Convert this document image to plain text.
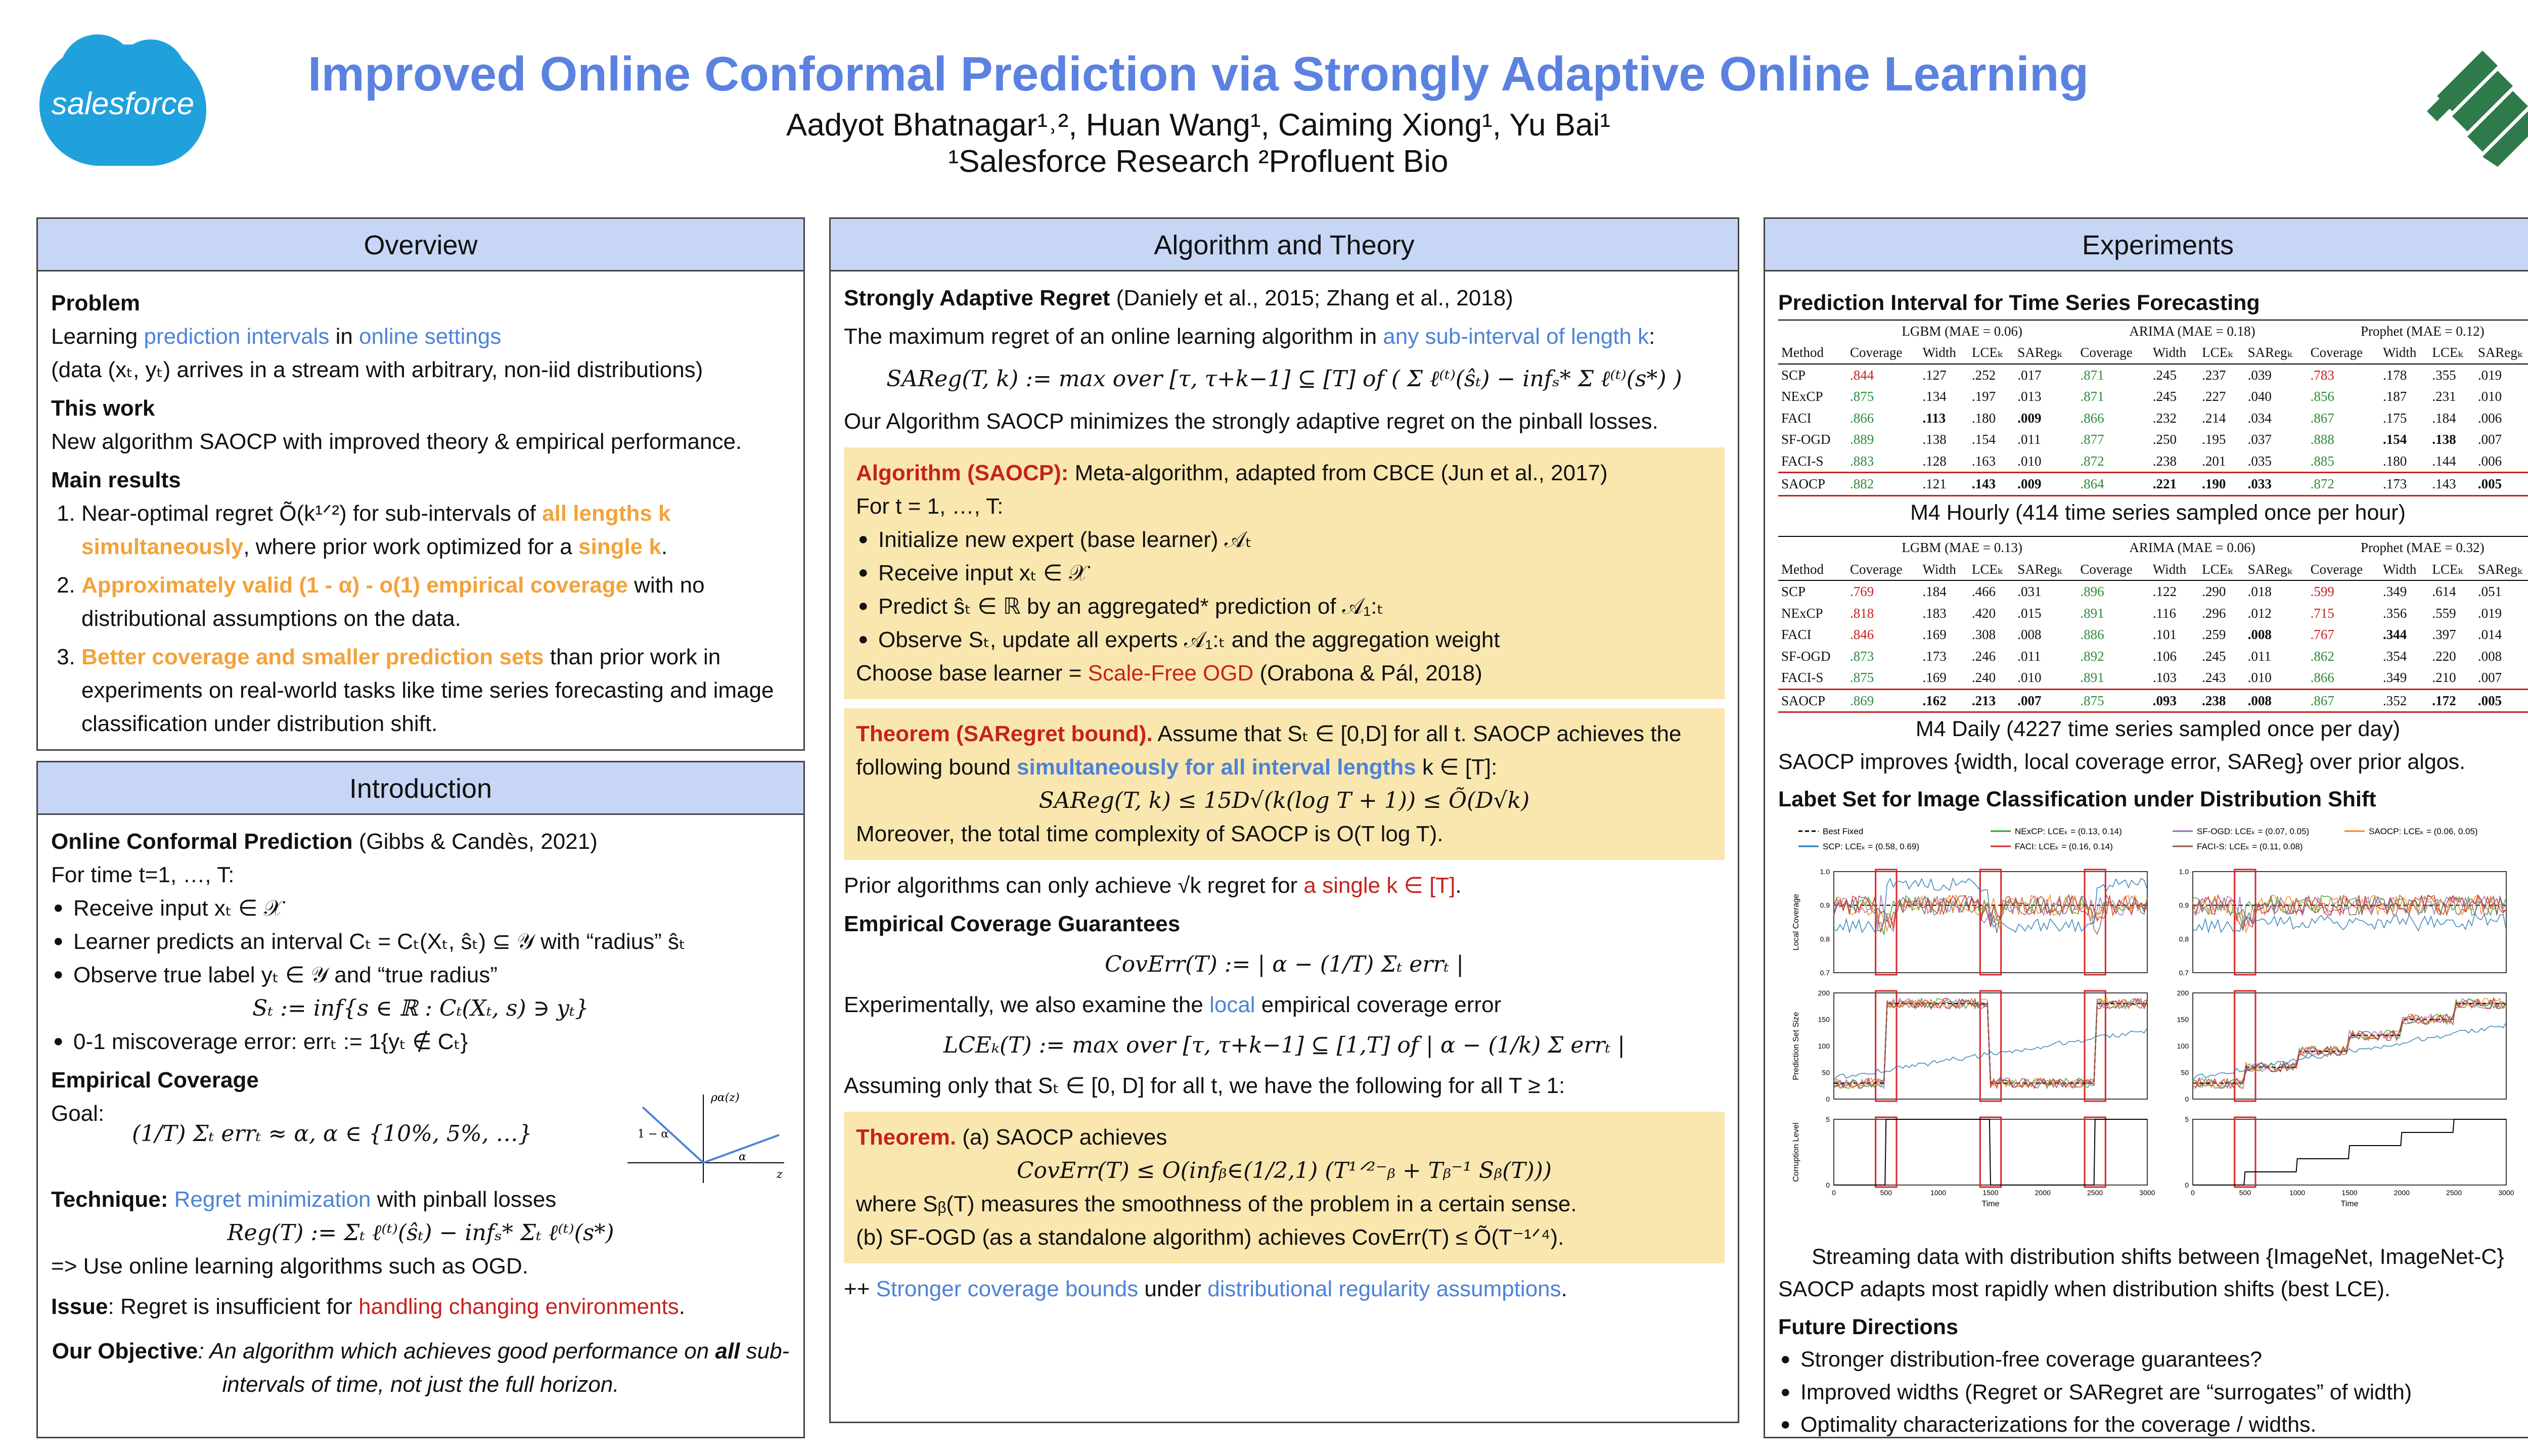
salesforce
Improved Online Conformal Prediction via Strongly Adaptive Online Learning
Aadyot Bhatnagar¹˒², Huan Wang¹, Caiming Xiong¹, Yu Bai¹
¹Salesforce Research ²Profluent Bio
Overview
Problem
Learning prediction intervals in online settings
(data (xₜ, yₜ) arrives in a stream with arbitrary, non-iid distributions)
This work
New algorithm SAOCP with improved theory & empirical performance.
Main results
1. Near-optimal regret Õ(k¹ᐟ²) for sub-intervals of all lengths k simultaneously, where prior work optimized for a single k.
2. Approximately valid (1 - α) - o(1) empirical coverage with no distributional assumptions on the data.
3. Better coverage and smaller prediction sets than prior work in experiments on real-world tasks like time series forecasting and image classification under distribution shift.
Introduction
Online Conformal Prediction (Gibbs & Candès, 2021)
For time t=1, …, T:
● Receive input xₜ ∈ 𝒳
● Learner predicts an interval Cₜ = Cₜ(Xₜ, ŝₜ) ⊆ 𝒴 with “radius” ŝₜ
● Observe true label yₜ ∈ 𝒴 and “true radius”
Sₜ := inf{s ∈ ℝ : Cₜ(Xₜ, s) ∋ yₜ}
● 0-1 miscoverage error: errₜ := 1{yₜ ∉ Cₜ}
Empirical Coverage
Goal:
(1/T) Σₜ errₜ ≈ α, α ∈ {10%, 5%, …}
ρα(z)
1 − α
α
z
Technique: Regret minimization with pinball losses
Reg(T) := Σₜ ℓ⁽ᵗ⁾(ŝₜ) − infₛ* Σₜ ℓ⁽ᵗ⁾(s*)
=> Use online learning algorithms such as OGD.
Issue: Regret is insufficient for handling changing environments.
Our Objective: An algorithm which achieves good performance on all sub-intervals of time, not just the full horizon.
Algorithm and Theory
Strongly Adaptive Regret (Daniely et al., 2015; Zhang et al., 2018)
The maximum regret of an online learning algorithm in any sub-interval of length k:
SAReg(T, k) := max over [τ, τ+k−1] ⊆ [T] of ( Σ ℓ⁽ᵗ⁾(ŝₜ) − infₛ* Σ ℓ⁽ᵗ⁾(s*) )
Our Algorithm SAOCP minimizes the strongly adaptive regret on the pinball losses.
Algorithm (SAOCP): Meta-algorithm, adapted from CBCE (Jun et al., 2017)
For t = 1, …, T:
● Initialize new expert (base learner) 𝒜ₜ
● Receive input xₜ ∈ 𝒳
● Predict ŝₜ ∈ ℝ by an aggregated* prediction of 𝒜₁:ₜ
● Observe Sₜ, update all experts 𝒜₁:ₜ and the aggregation weight
Choose base learner = Scale-Free OGD (Orabona & Pál, 2018)
Theorem (SARegret bound). Assume that Sₜ ∈ [0,D] for all t. SAOCP achieves the following bound simultaneously for all interval lengths k ∈ [T]:
SAReg(T, k) ≤ 15D√(k(log T + 1)) ≤ Õ(D√k)
Moreover, the total time complexity of SAOCP is O(T log T).
Prior algorithms can only achieve √k regret for a single k ∈ [T].
Empirical Coverage Guarantees
CovErr(T) := | α − (1/T) Σₜ errₜ |
Experimentally, we also examine the local empirical coverage error
LCEₖ(T) := max over [τ, τ+k−1] ⊆ [1,T] of | α − (1/k) Σ errₜ |
Assuming only that Sₜ ∈ [0, D] for all t, we have the following for all T ≥ 1:
Theorem. (a) SAOCP achieves
CovErr(T) ≤ O(infᵦ∈(1/2,1) (T¹ᐟ²⁻ᵦ + Tᵦ⁻¹ Sᵦ(T)))
where Sᵦ(T) measures the smoothness of the problem in a certain sense.
(b) SF-OGD (as a standalone algorithm) achieves CovErr(T) ≤ Õ(T⁻¹ᐟ⁴).
++ Stronger coverage bounds under distributional regularity assumptions.
Experiments
Prediction Interval for Time Series Forecasting
	LGBM (MAE = 0.06)				ARIMA (MAE = 0.18)				Prophet (MAE = 0.12)			
Method	Coverage	Width	LCEₖ	SARegₖ	Coverage	Width	LCEₖ	SARegₖ	Coverage	Width	LCEₖ	SARegₖ
SCP	.844	.127	.252	.017	.871	.245	.237	.039	.783	.178	.355	.019
NExCP	.875	.134	.197	.013	.871	.245	.227	.040	.856	.187	.231	.010
FACI	.866	.113	.180	.009	.866	.232	.214	.034	.867	.175	.184	.006
SF-OGD	.889	.138	.154	.011	.877	.250	.195	.037	.888	.154	.138	.007
FACI-S	.883	.128	.163	.010	.872	.238	.201	.035	.885	.180	.144	.006
SAOCP	.882	.121	.143	.009	.864	.221	.190	.033	.872	.173	.143	.005
M4 Hourly (414 time series sampled once per hour)
	LGBM (MAE = 0.13)				ARIMA (MAE = 0.06)				Prophet (MAE = 0.32)			
Method	Coverage	Width	LCEₖ	SARegₖ	Coverage	Width	LCEₖ	SARegₖ	Coverage	Width	LCEₖ	SARegₖ
SCP	.769	.184	.466	.031	.896	.122	.290	.018	.599	.349	.614	.051
NExCP	.818	.183	.420	.015	.891	.116	.296	.012	.715	.356	.559	.019
FACI	.846	.169	.308	.008	.886	.101	.259	.008	.767	.344	.397	.014
SF-OGD	.873	.173	.246	.011	.892	.106	.245	.011	.862	.354	.220	.008
FACI-S	.875	.169	.240	.010	.891	.103	.243	.010	.866	.349	.210	.007
SAOCP	.869	.162	.213	.007	.875	.093	.238	.008	.867	.352	.172	.005
M4 Daily (4227 time series sampled once per day)
SAOCP improves {width, local coverage error, SAReg} over prior algos.
Labet Set for Image Classification under Distribution Shift
Best Fixed	NExCP: LCEₖ = (0.13, 0.14)	SF-OGD: LCEₖ = (0.07, 0.05)	SAOCP: LCEₖ = (0.06, 0.05)
SCP: LCEₖ = (0.58, 0.69)	FACI: LCEₖ = (0.16, 0.14)	FACI-S: LCEₖ = (0.11, 0.08)
Local Coverage
1.0
0.9
0.8
0.7
Prediction Set Size
200
150
100
50
0
Corruption Level
5
0
0	500	1000	1500	2000	2500	3000
Time
1.0
0.9
0.8
0.7
200
150
100
50
0
5
0
0	500	1000	1500	2000	2500	3000
Time
Streaming data with distribution shifts between {ImageNet, ImageNet-C}
SAOCP adapts most rapidly when distribution shifts (best LCE).
Future Directions
● Stronger distribution-free coverage guarantees?
● Improved widths (Regret or SARegret are “surrogates” of width)
● Optimality characterizations for the coverage / widths.
